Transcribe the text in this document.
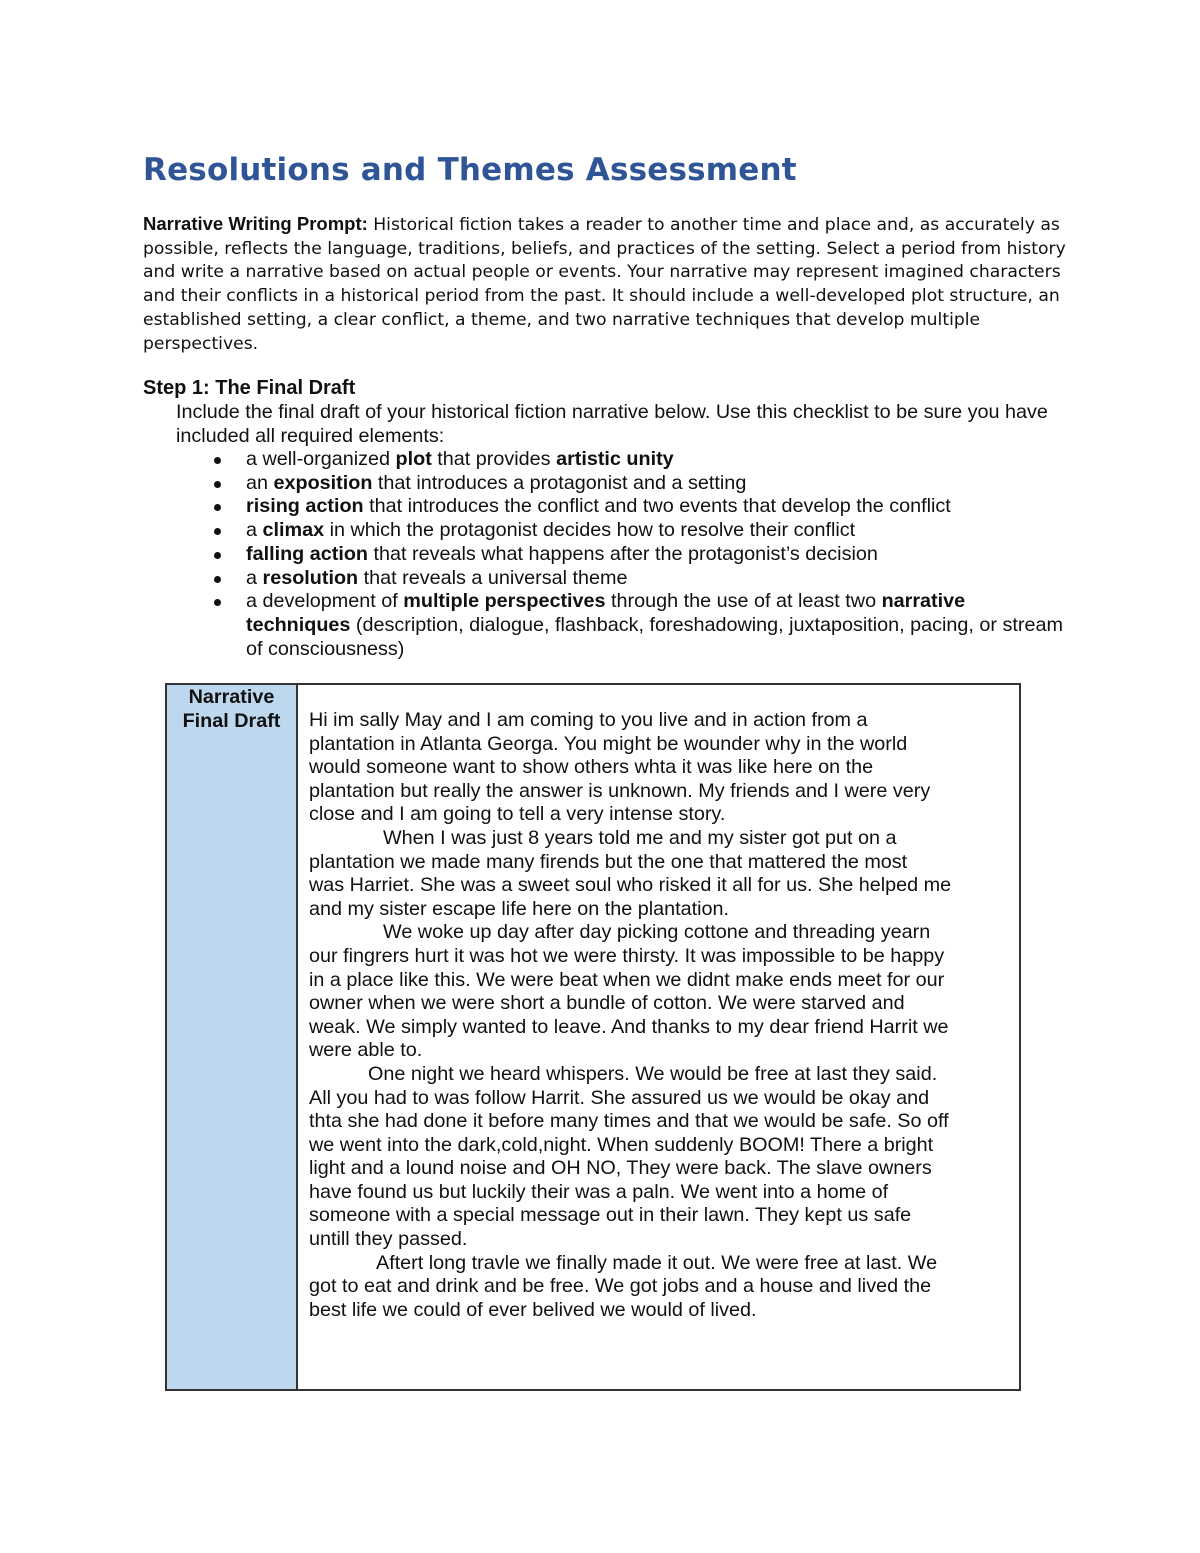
Resolutions and Themes Assessment

Narrative Writing Prompt: Historical fiction takes a reader to another time and place and, as accurately as possible, reflects the language, traditions, beliefs, and practices of the setting. Select a period from history and write a narrative based on actual people or events. Your narrative may represent imagined characters and their conflicts in a historical period from the past. It should include a well-developed plot structure, an established setting, a clear conflict, a theme, and two narrative techniques that develop multiple perspectives.

Step 1: The Final Draft

Include the final draft of your historical fiction narrative below. Use this checklist to be sure you have included all required elements:

a well-organized plot that provides artistic unity
an exposition that introduces a protagonist and a setting
rising action that introduces the conflict and two events that develop the conflict
a climax in which the protagonist decides how to resolve their conflict
falling action that reveals what happens after the protagonist’s decision
a resolution that reveals a universal theme
a development of multiple perspectives through the use of at least two narrative techniques (description, dialogue, flashback, foreshadowing, juxtaposition, pacing, or stream of consciousness)
Narrative
Final Draft	Hi im sally May and I am coming to you live and in action from a

plantation in Atlanta Georga. You might be wounder why in the world

would someone want to show others whta it was like here on the

plantation but really the answer is unknown. My friends and I were very

close and I am going to tell a very intense story.

When I was just 8 years told me and my sister got put on a

plantation we made many firends but the one that mattered the most

was Harriet. She was a sweet soul who risked it all for us. She helped me

and my sister escape life here on the plantation.

We woke up day after day picking cottone and threading yearn

our fingrers hurt it was hot we were thirsty. It was impossible to be happy

in a place like this. We were beat when we didnt make ends meet for our

owner when we were short a bundle of cotton. We were starved and

weak. We simply wanted to leave. And thanks to my dear friend Harrit we

were able to.

One night we heard whispers. We would be free at last they said.

All you had to was follow Harrit. She assured us we would be okay and

thta she had done it before many times and that we would be safe. So off

we went into the dark,cold,night. When suddenly BOOM! There a bright

light and a lound noise and OH NO, They were back. The slave owners

have found us but luckily their was a paln. We went into a home of

someone with a special message out in their lawn. They kept us safe

untill they passed.

Aftert long travle we finally made it out. We were free at last. We

got to eat and drink and be free. We got jobs and a house and lived the

best life we could of ever belived we would of lived.
